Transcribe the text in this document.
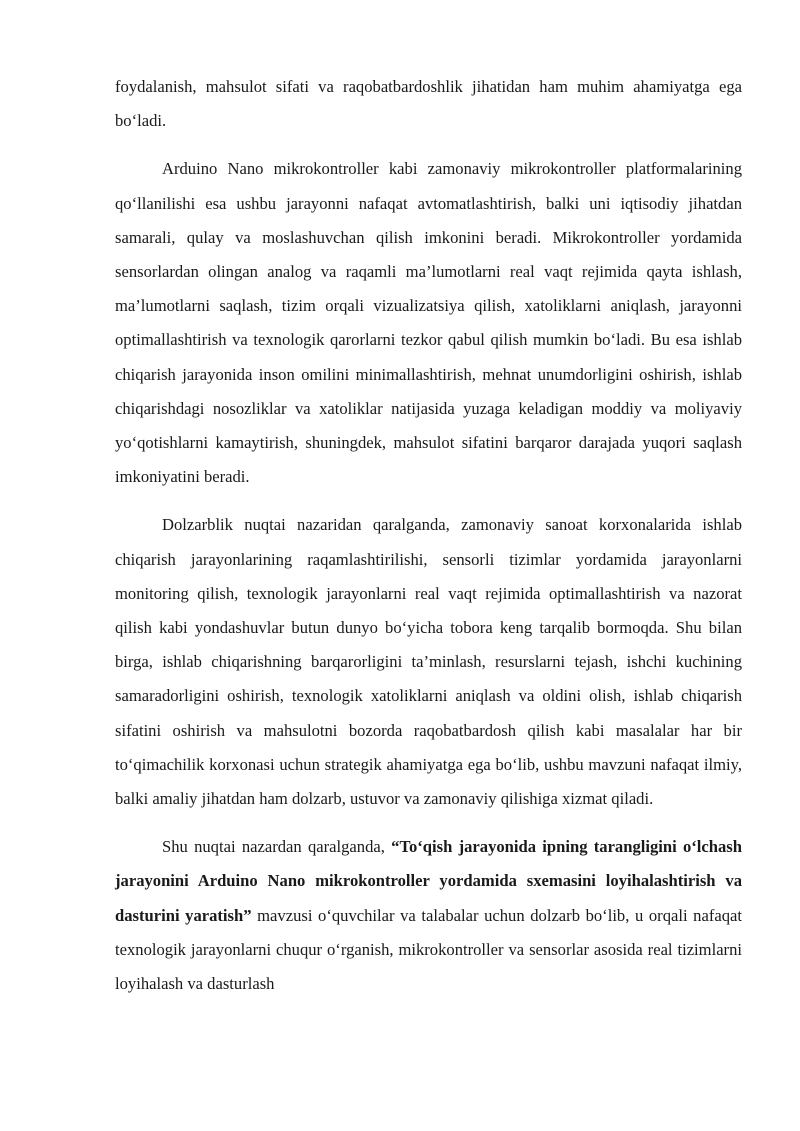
foydalanish, mahsulot sifati va raqobatbardoshlik jihatidan ham muhim ahamiyatga ega bo‘ladi.

Arduino Nano mikrokontroller kabi zamonaviy mikrokontroller platformalarining qo‘llanilishi esa ushbu jarayonni nafaqat avtomatlashtirish, balki uni iqtisodiy jihatdan samarali, qulay va moslashuvchan qilish imkonini beradi. Mikrokontroller yordamida sensorlardan olingan analog va raqamli ma’lumotlarni real vaqt rejimida qayta ishlash, ma’lumotlarni saqlash, tizim orqali vizualizatsiya qilish, xatoliklarni aniqlash, jarayonni optimallashtirish va texnologik qarorlarni tezkor qabul qilish mumkin bo‘ladi. Bu esa ishlab chiqarish jarayonida inson omilini minimallashtirish, mehnat unumdorligini oshirish, ishlab chiqarishdagi nosozliklar va xatoliklar natijasida yuzaga keladigan moddiy va moliyaviy yo‘qotishlarni kamaytirish, shuningdek, mahsulot sifatini barqaror darajada yuqori saqlash imkoniyatini beradi.

Dolzarblik nuqtai nazaridan qaralganda, zamonaviy sanoat korxonalarida ishlab chiqarish jarayonlarining raqamlashtirilishi, sensorli tizimlar yordamida jarayonlarni monitoring qilish, texnologik jarayonlarni real vaqt rejimida optimallashtirish va nazorat qilish kabi yondashuvlar butun dunyo bo‘yicha tobora keng tarqalib bormoqda. Shu bilan birga, ishlab chiqarishning barqarorligini ta’minlash, resurslarni tejash, ishchi kuchining samaradorligini oshirish, texnologik xatoliklarni aniqlash va oldini olish, ishlab chiqarish sifatini oshirish va mahsulotni bozorda raqobatbardosh qilish kabi masalalar har bir to‘qimachilik korxonasi uchun strategik ahamiyatga ega bo‘lib, ushbu mavzuni nafaqat ilmiy, balki amaliy jihatdan ham dolzarb, ustuvor va zamonaviy qilishiga xizmat qiladi.

Shu nuqtai nazardan qaralganda, “To‘qish jarayonida ipning tarangligini o‘lchash jarayonini Arduino Nano mikrokontroller yordamida sxemasini loyihalashtirish va dasturini yaratish” mavzusi o‘quvchilar va talabalar uchun dolzarb bo‘lib, u orqali nafaqat texnologik jarayonlarni chuqur o‘rganish, mikrokontroller va sensorlar asosida real tizimlarni loyihalash va dasturlash
